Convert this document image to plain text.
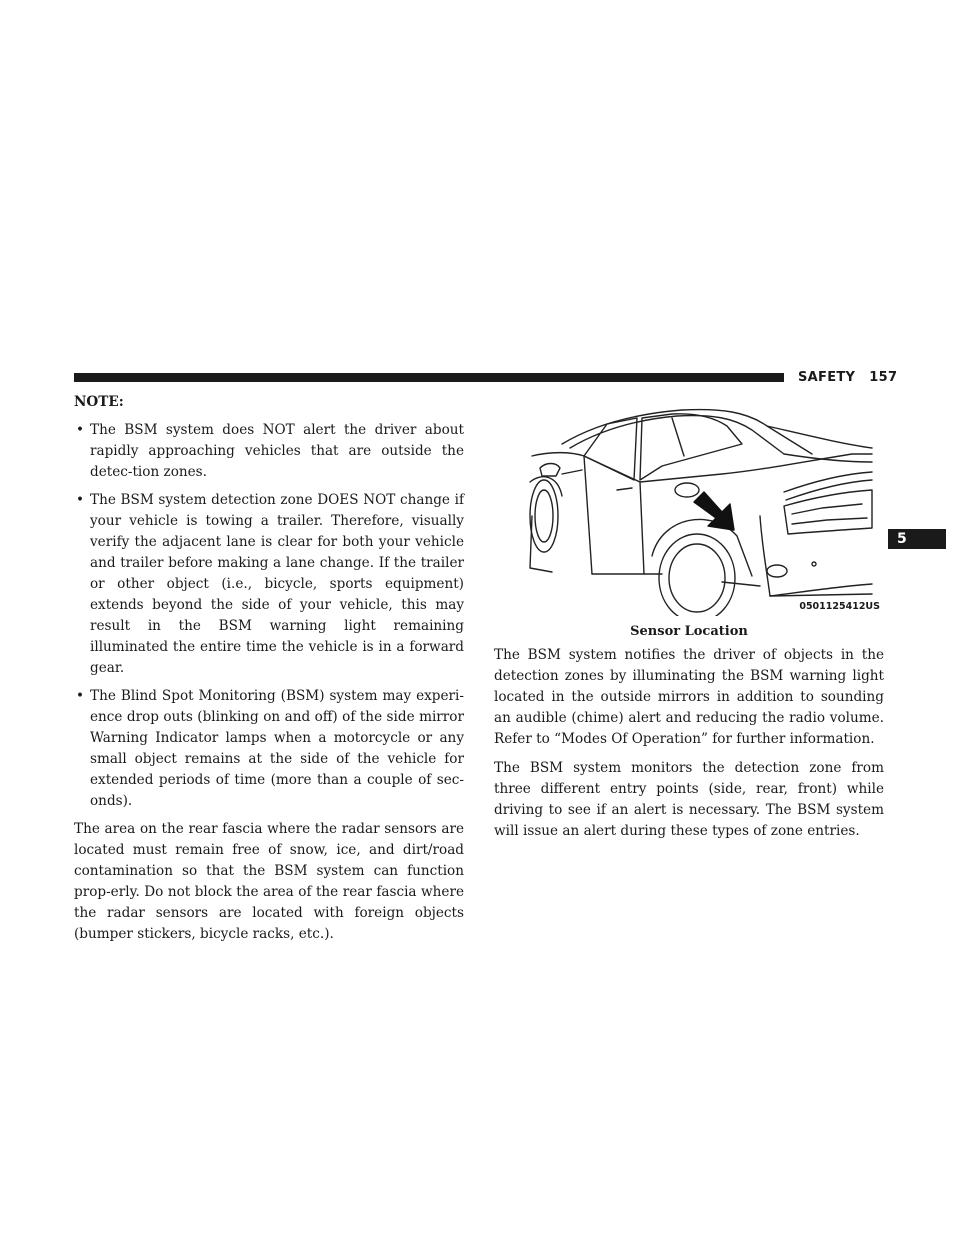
SAFETY 157
5
NOTE:
• The BSM system does NOT alert the driver about rapidly approaching vehicles that are outside the detec-tion zones.
• The BSM system detection zone DOES NOT change if your vehicle is towing a trailer. Therefore, visually verify the adjacent lane is clear for both your vehicle and trailer before making a lane change. If the trailer or other object (i.e., bicycle, sports equipment) extends beyond the side of your vehicle, this may result in the BSM warning light remaining illuminated the entire time the vehicle is in a forward gear.
• The Blind Spot Monitoring (BSM) system may experi-ence drop outs (blinking on and off) of the side mirror Warning Indicator lamps when a motorcycle or any small object remains at the side of the vehicle for extended periods of time (more than a couple of sec-onds).

The area on the rear fascia where the radar sensors are located must remain free of snow, ice, and dirt/road contamination so that the BSM system can function prop-erly. Do not block the area of the rear fascia where the radar sensors are located with foreign objects (bumper stickers, bicycle racks, etc.).

0501125412US
Sensor Location

The BSM system notifies the driver of objects in the detection zones by illuminating the BSM warning light located in the outside mirrors in addition to sounding an audible (chime) alert and reducing the radio volume. Refer to “Modes Of Operation” for further information.

The BSM system monitors the detection zone from three different entry points (side, rear, front) while driving to see if an alert is necessary. The BSM system will issue an alert during these types of zone entries.
